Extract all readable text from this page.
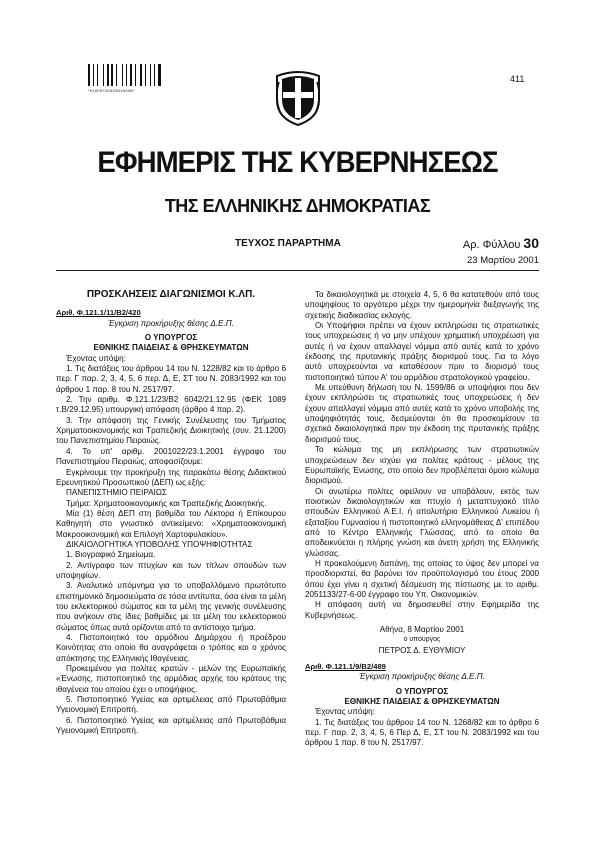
*01000740303010008*
411
ΕΦΗΜΕΡΙΣ ΤΗΣ ΚΥΒΕΡΝΗΣΕΩΣ
ΤΗΣ ΕΛΛΗΝΙΚΗΣ ΔΗΜΟΚΡΑΤΙΑΣ
ΤΕΥΧΟΣ ΠΑΡΑΡΤΗΜΑ	Αρ. Φύλλου 30
23 Μαρτίου 2001
ΠΡΟΣΚΛΗΣΕΙΣ ΔΙΑΓΩΝΙΣΜΟΙ Κ.ΛΠ.
Αριθ. Φ.121.1/11/Β2/420
Έγκριση προκήρυξης θέσης Δ.Ε.Π.
Ο ΥΠΟΥΡΓΟΣ
ΕΘΝΙΚΗΣ ΠΑΙΔΕΙΑΣ & ΘΡΗΣΚΕΥΜΑΤΩΝ

Έχοντας υπόψη:

1. Τις διατάξεις του άρθρου 14 του Ν. 1228/82 και το άρθρο 6 περ. Γ παρ. 2, 3, 4, 5, 6 περ. Δ, Ε, ΣΤ του Ν. 2083/1992 και του άρθρου 1 παρ. 8 του Ν. 2517/97.

2. Την αριθμ. Φ.121.1/23/Β2 6042/21.12.95 (ΦΕΚ 1089 τ.Β/29.12.95) υπουργική απόφαση (άρθρο 4 παρ. 2).

3. Την απόφαση της Γενικής Συνέλευσης του Τμήματος Χρηματοοικονομικής και Τραπεζικής Διοικητικής (συν. 21.1200) του Πανεπιστημίου Πειραιώς.

4. Το υπ' αριθμ. 2001022/23.1.2001 έγγραφο του Πανεπιστημίου Πειραιώς, αποφασίζουμε:

Εγκρίνουμε την προκήρυξη της παρακάτω θέσης Διδακτικού Ερευνητικού Προσωπικού (ΔΕΠ) ως εξής:

ΠΑΝΕΠΙΣΤΗΜΙΟ ΠΕΙΡΑΙΩΣ

Τμήμα: Χρηματοοικονομικής και Τραπεζικής Διοικητικής.

Μία (1) θέση ΔΕΠ στη βαθμίδα του Λέκτορα ή Επίκουρου Καθηγητή στο γνωστικό αντικείμενο: «Χρηματοοικονομική Μακροοικονομική και Επιλογή Χαρτοφυλακίου».

ΔΙΚΑΙΟΛΟΓΗΤΙΚΑ ΥΠΟΒΟΛΗΣ ΥΠΟΨΗΦΙΟΤΗΤΑΣ

1. Βιογραφικό Σημείωμα.

2. Αντίγραφο των πτυχίων και των τίτλων σπουδών των υποψηφίων.

3. Αναλυτικό υπόμνημα για το υποβαλλόμενο πρωτότυπο επιστημονικό δημοσιεύματα σε τόσα αντίτυπα, όσα είναι τα μέλη του εκλεκτορικού σώματος και τα μέλη της γενικής συνέλευσης που ανήκουν στις ίδιες βαθμίδες με τα μέλη του εκλεκτορικού σώματος όπως αυτά ορίζονται από το αντίστοιχο τμήμα.

4. Πιστοποιητικό του αρμόδιου Δημάρχου ή προέδρου Κοινότητας στο οποίο θα αναγράφεται ο τρόπος και ο χρόνος απόκτησης της Ελληνικής Ιθαγένειας.

Προκειμένου για πολίτες κρατών - μελών της Ευρωπαϊκής «Ένωσης, πιστοποιητικό της αρμόδιας αρχής του κράτους της ιθαγένεια του οποίου έχει ο υποψήφιος.

5. Πιστοποιητικό Υγείας και αρτιμέλειας από Πρωτοβάθμια Υγειονομική Επιτροπή.

6. Πιστοποιητικό Υγείας και αρτιμέλειας από Πρωτοβάθμια Υγειονομική Επιτροπή.

Τα δικαιολογητικά με στοιχεία 4, 5, 6 θα κατατεθούν από τους υποψηφίους το αργότερο μέχρι την ημερομηνία διεξαγωγής της σχετικής διαδικασίας εκλογής.

Οι Υποψήφιοι πρέπει να έχουν εκπληρώσει τις στρατιωτικές τους υποχρεώσεις ή να μην υπέχουν χρηματική υποχρέωση για αυτές ή να έχουν απαλλαγεί νόμιμα από αυτές κατά το χρόνο έκδοσης της πρυτανικής πράξης διορισμού τους. Για το λόγο αυτό υποχρεούνται να καταθέσουν πριν το διορισμό τους πιστοποιητικό τύπου Α' του αρμόδιου στρατολογικού γραφείου.

Με υπεύθυνη δήλωση του Ν. 1599/86 οι υποψήφιοι που δεν έχουν εκπληρώσει τις στρατιωτικές τους υποχρεώσεις ή δεν έχουν απαλλαγεί νόμιμα από αυτές κατά το χρόνο υποβολής της υποψηφιότητάς τους, δεσμεύονται ότι θα προσκομίσουν τα σχετικά δικαιολογητικά πριν την έκδοση της πρυτανικής πράξης διορισμού τους.

Το κώλυμα της μη εκπλήρωσης των στρατιωτικών υποχρεώσεων δεν ισχύει για πολίτες κράτους - μέλους της Ευρωπαϊκής Ένωσης, στο οποίο δεν προβλέπεται όμοιο κώλυμα διορισμού.

Οι ανωτέρω πολίτες οφείλουν να υποβάλουν, εκτός των ποιοτικών δικαιολογητικών και πτυχίο ή μεταπτυχιακό τίτλο σπουδών Ελληνικού Α.Ε.Ι. ή απολυτήριο Ελληνικού Λυκείου ή εξαταξίου Γυμνασίου ή πιστοποιητικό ελληνομάθειας Δ' επιπέδου από το Κέντρο Ελληνικής Γλώσσας, από το οποίο θα αποδεικνύεται η πλήρης γνώση και άνετη χρήση της Ελληνικής γλώσσας.

Η προκαλούμενη δαπάνη, της οποίας το ύψος δεν μπορεί να προσδιοριστεί, θα βαρύνει τον προϋπολογισμό του έτους 2000 όπου έχει γίνει η σχετική δέσμευση της πίστωσης με το αριθμ. 2051133/27-6-00 έγγραφο του Υπ. Οικονομικών.

Η απόφαση αυτή να δημοσιευθεί στην Εφημερίδα της Κυβερνήσεως.

Αθήνα, 8 Μαρτίου 2001
ο υπουργος
ΠΕΤΡΟΣ Δ. ΕΥΘΥΜΙΟΥ
Αριθ. Φ.121.1/9/Β2/489
Έγκριση προκήρυξης θέσης Δ.Ε.Π.
Ο ΥΠΟΥΡΓΟΣ
ΕΘΝΙΚΗΣ ΠΑΙΔΕΙΑΣ & ΘΡΗΣΚΕΥΜΑΤΩΝ

Έχοντας υπόψη:

1. Τις διατάξεις του άρθρου 14 του Ν. 1268/82 και το άρθρο 6 περ. Γ παρ. 2, 3, 4, 5, 6 Περ Δ, Ε, ΣΤ του Ν. 2083/1992 και του άρθρου 1 παρ. 8 του Ν. 2517/97.
